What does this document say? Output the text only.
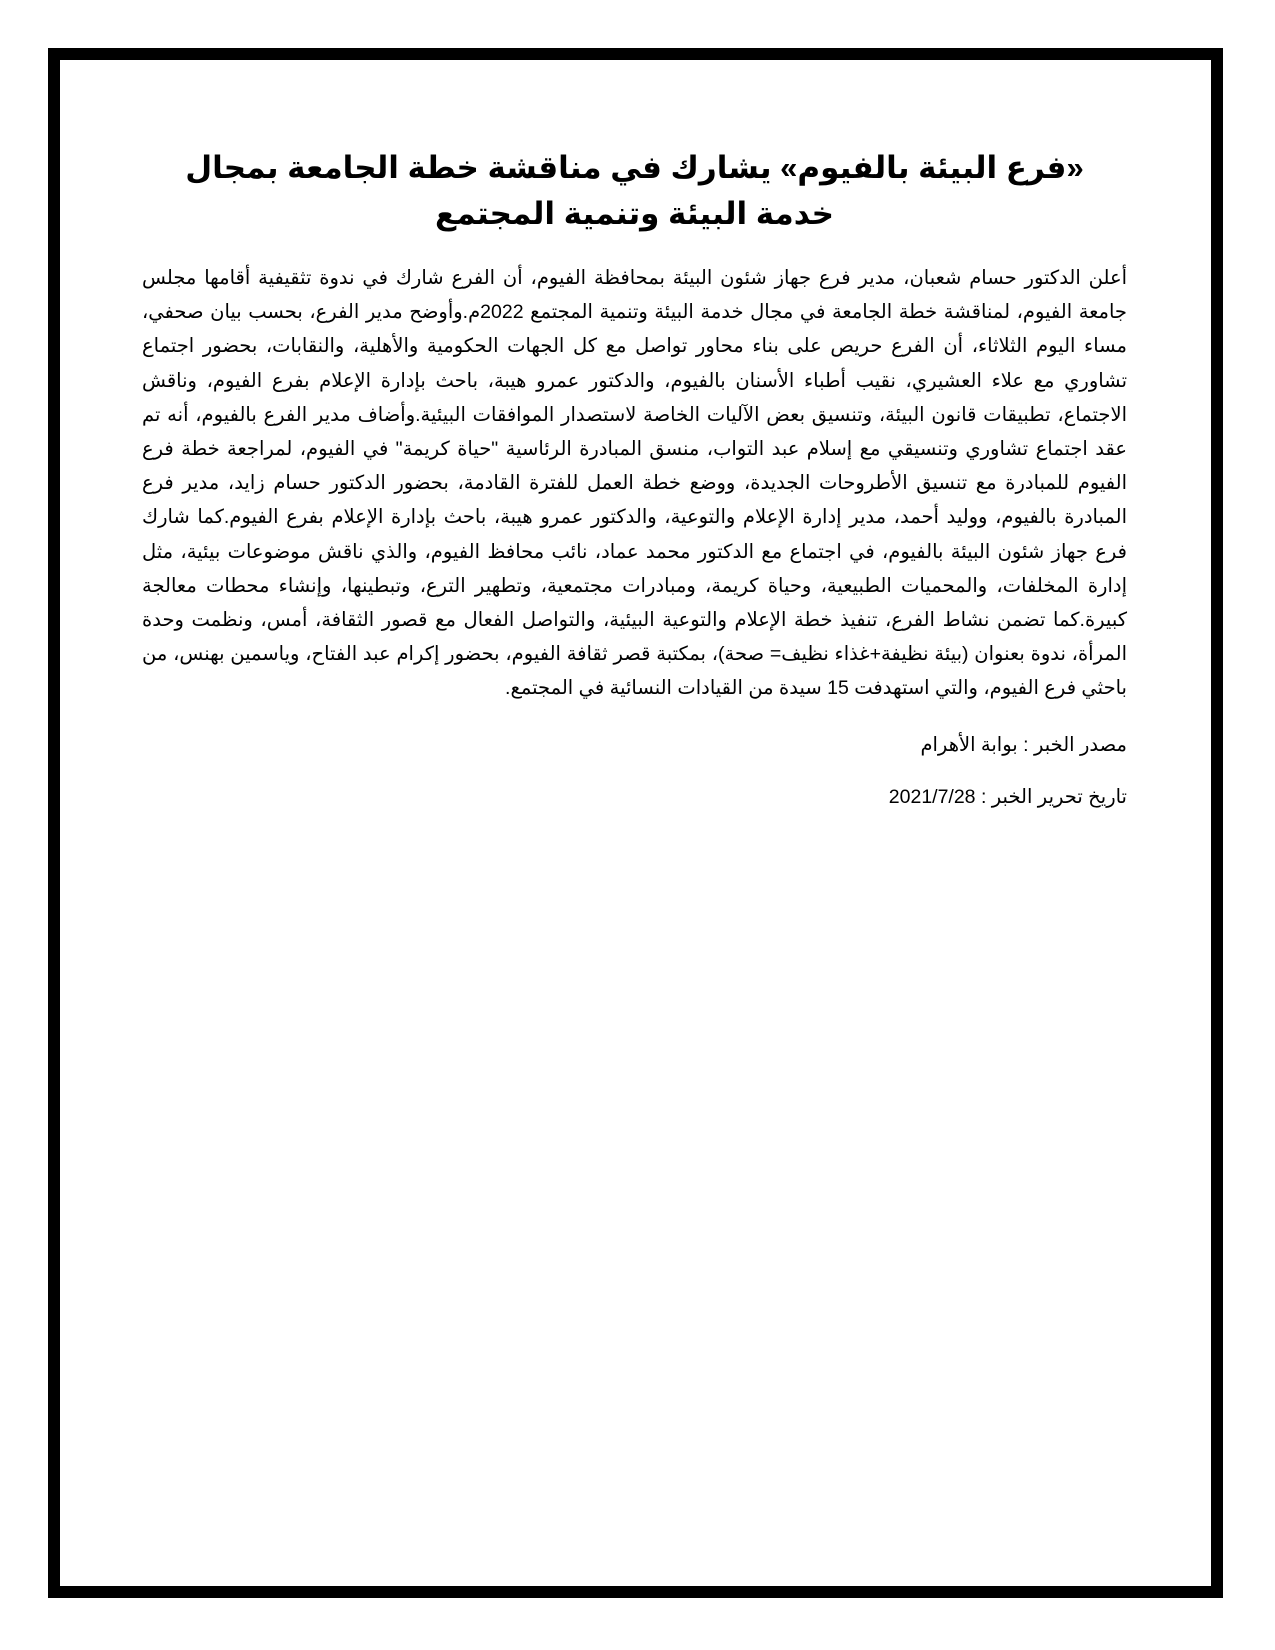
«فرع البيئة بالفيوم» يشارك في مناقشة خطة الجامعة بمجال خدمة البيئة وتنمية المجتمع

أعلن الدكتور حسام شعبان، مدير فرع جهاز شئون البيئة بمحافظة الفيوم، أن الفرع شارك في ندوة تثقيفية أقامها مجلس جامعة الفيوم، لمناقشة خطة الجامعة في مجال خدمة البيئة وتنمية المجتمع 2022م.وأوضح مدير الفرع، بحسب بيان صحفي، مساء اليوم الثلاثاء، أن الفرع حريص على بناء محاور تواصل مع كل الجهات الحكومية والأهلية، والنقابات، بحضور اجتماع تشاوري مع علاء العشيري، نقيب أطباء الأسنان بالفيوم، والدكتور عمرو هيبة، باحث بإدارة الإعلام بفرع الفيوم، وناقش الاجتماع، تطبيقات قانون البيئة، وتنسيق بعض الآليات الخاصة لاستصدار الموافقات البيئية.وأضاف مدير الفرع بالفيوم، أنه تم عقد اجتماع تشاوري وتنسيقي مع إسلام عبد التواب، منسق المبادرة الرئاسية "حياة كريمة" في الفيوم، لمراجعة خطة فرع الفيوم للمبادرة مع تنسيق الأطروحات الجديدة، ووضع خطة العمل للفترة القادمة، بحضور الدكتور حسام زايد، مدير فرع المبادرة بالفيوم، ووليد أحمد، مدير إدارة الإعلام والتوعية، والدكتور عمرو هيبة، باحث بإدارة الإعلام بفرع الفيوم.كما شارك فرع جهاز شئون البيئة بالفيوم، في اجتماع مع الدكتور محمد عماد، نائب محافظ الفيوم، والذي ناقش موضوعات بيئية، مثل إدارة المخلفات، والمحميات الطبيعية، وحياة كريمة، ومبادرات مجتمعية، وتطهير الترع، وتبطينها، وإنشاء محطات معالجة كبيرة.كما تضمن نشاط الفرع، تنفيذ خطة الإعلام والتوعية البيئية، والتواصل الفعال مع قصور الثقافة، أمس، ونظمت وحدة المرأة، ندوة بعنوان (بيئة نظيفة+غذاء نظيف= صحة)، بمكتبة قصر ثقافة الفيوم، بحضور إكرام عبد الفتاح، وياسمين بهنس، من باحثي فرع الفيوم، والتي استهدفت 15 سيدة من القيادات النسائية في المجتمع.

مصدر الخبر : بوابة الأهرام

تاريخ تحرير الخبر : 2021/7/28
